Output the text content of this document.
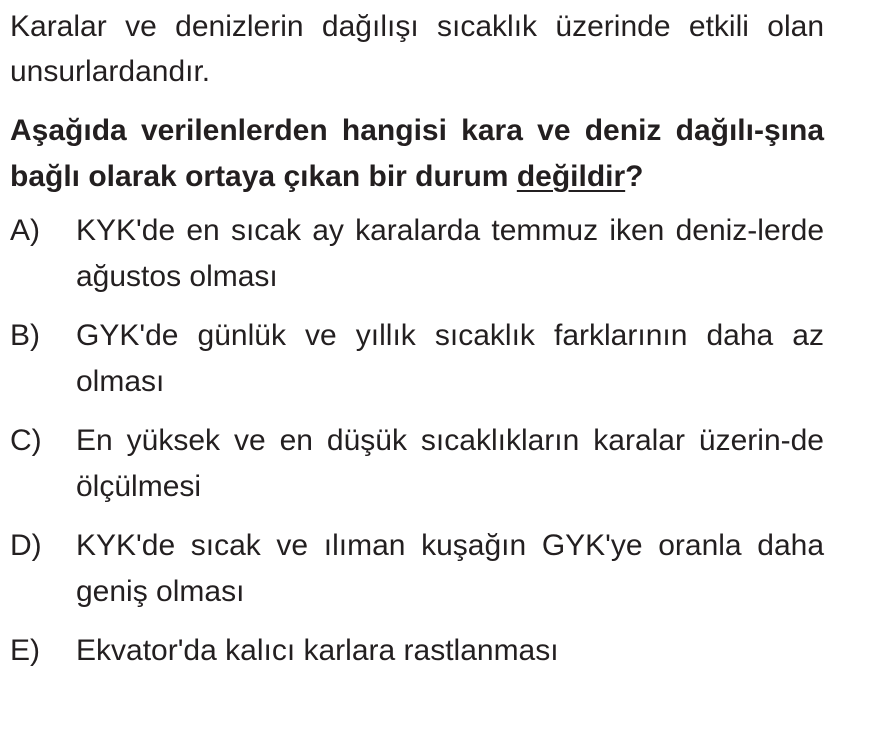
Karalar ve denizlerin dağılışı sıcaklık üzerinde etkili olan unsurlardandır.
Aşağıda verilenlerden hangisi kara ve deniz dağılı-şına bağlı olarak ortaya çıkan bir durum değildir?
A) KYK'de en sıcak ay karalarda temmuz iken deniz-lerde ağustos olması
B) GYK'de günlük ve yıllık sıcaklık farklarının daha az olması
C) En yüksek ve en düşük sıcaklıkların karalar üzerin-de ölçülmesi
D) KYK'de sıcak ve ılıman kuşağın GYK'ye oranla daha geniş olması
E) Ekvator'da kalıcı karlara rastlanması
